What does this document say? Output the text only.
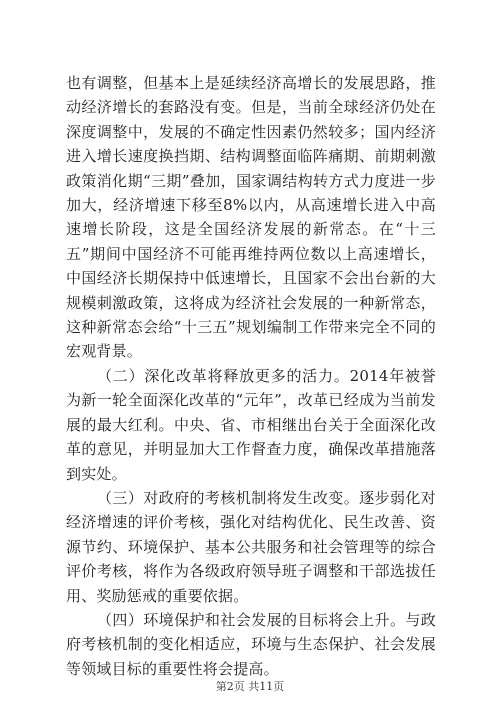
也有调整，但基本上是延续经济高增长的发展思路，推动经济增长的套路没有变。但是，当前全球经济仍处在深度调整中，发展的不确定性因素仍然较多；国内经济进入增长速度换挡期、结构调整面临阵痛期、前期刺激政策消化期“三期”叠加，国家调结构转方式力度进一步加大，经济增速下移至8%以内，从高速增长进入中高速增长阶段，这是全国经济发展的新常态。在“十三五”期间中国经济不可能再维持两位数以上高速增长，中国经济长期保持中低速增长，且国家不会出台新的大规模刺激政策，这将成为经济社会发展的一种新常态，这种新常态会给“十三五”规划编制工作带来完全不同的宏观背景。

（二）深化改革将释放更多的活力。2014年被誉为新一轮全面深化改革的“元年”，改革已经成为当前发展的最大红利。中央、省、市相继出台关于全面深化改革的意见，并明显加大工作督查力度，确保改革措施落到实处。

（三）对政府的考核机制将发生改变。逐步弱化对经济增速的评价考核，强化对结构优化、民生改善、资源节约、环境保护、基本公共服务和社会管理等的综合评价考核，将作为各级政府领导班子调整和干部选拔任用、奖励惩戒的重要依据。

（四）环境保护和社会发展的目标将会上升。与政府考核机制的变化相适应，环境与生态保护、社会发展等领域目标的重要性将会提高。

第2页 共11页
